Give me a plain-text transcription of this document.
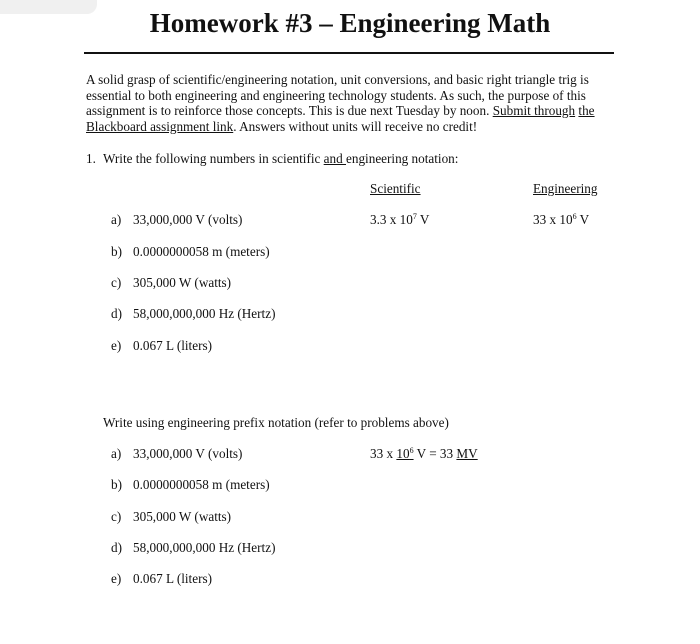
Homework #3 – Engineering Math
A solid grasp of scientific/engineering notation, unit conversions, and basic right triangle trig is essential to both engineering and engineering technology students. As such, the purpose of this assignment is to reinforce those concepts. This is due next Tuesday by noon. Submit through the Blackboard assignment link. Answers without units will receive no credit!
1. Write the following numbers in scientific and engineering notation:
Scientific	Engineering
a) 33,000,000 V (volts)
b) 0.0000000058 m (meters)
c) 305,000 W (watts)
d) 58,000,000,000 Hz (Hertz)
e) 0.067 L (liters)
3.3 x $10^7$ V	33 x $10^6$ V
Write using engineering prefix notation (refer to problems above)
a) 33,000,000 V (volts)
b) 0.0000000058 m (meters)
c) 305,000 W (watts)
d) 58,000,000,000 Hz (Hertz)
e) 0.067 L (liters)
33 x $10^6$ V = 33 MV
